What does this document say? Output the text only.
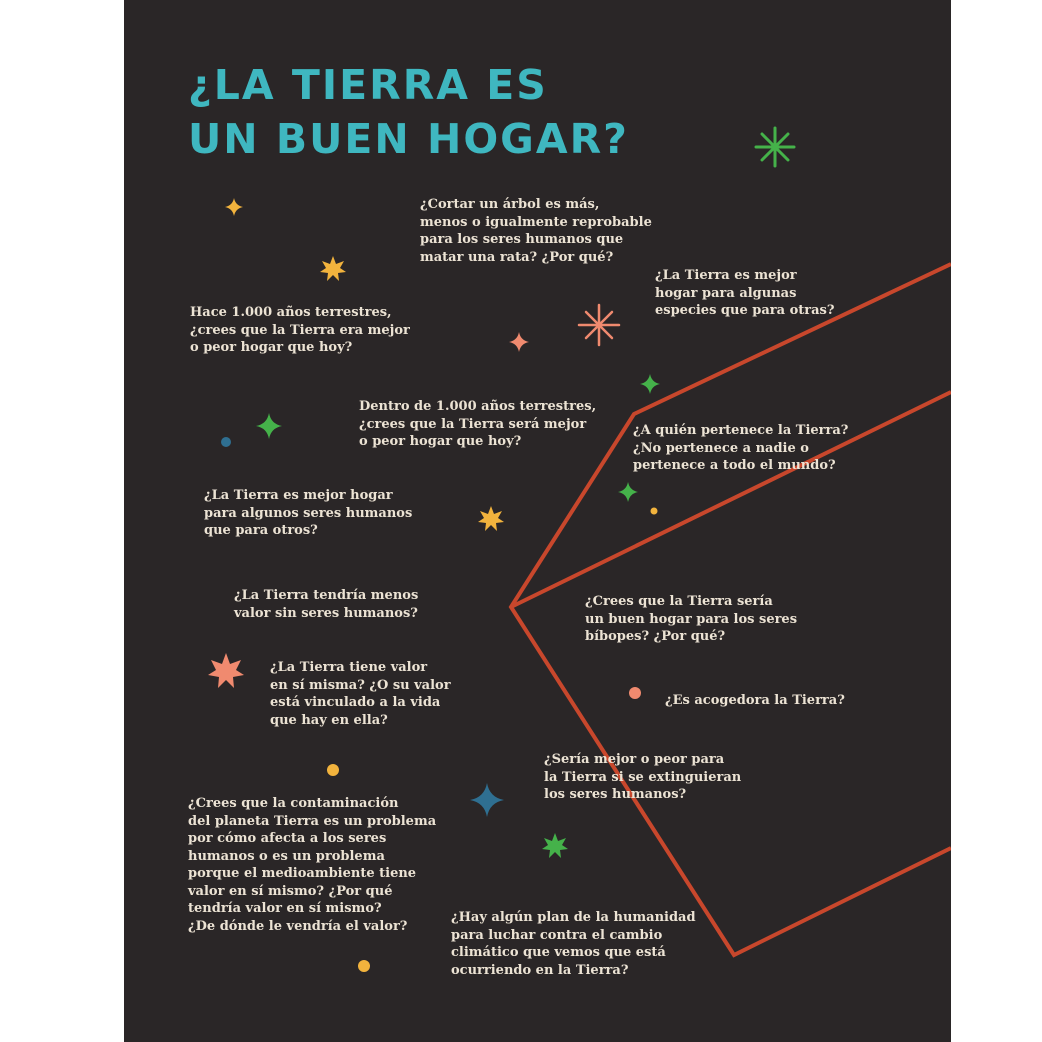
¿LA TIERRA ES
UN BUEN HOGAR?

¿Cortar un árbol es más,
menos o igualmente reprobable
para los seres humanos que
matar una rata? ¿Por qué?

¿La Tierra es mejor
hogar para algunas
especies que para otras?

Hace 1.000 años terrestres,
¿crees que la Tierra era mejor
o peor hogar que hoy?

Dentro de 1.000 años terrestres,
¿crees que la Tierra será mejor
o peor hogar que hoy?

¿A quién pertenece la Tierra?
¿No pertenece a nadie o
pertenece a todo el mundo?

¿La Tierra es mejor hogar
para algunos seres humanos
que para otros?

¿La Tierra tendría menos
valor sin seres humanos?

¿Crees que la Tierra sería
un buen hogar para los seres
bíbopes? ¿Por qué?

¿La Tierra tiene valor
en sí misma? ¿O su valor
está vinculado a la vida
que hay en ella?

¿Es acogedora la Tierra?

¿Sería mejor o peor para
la Tierra si se extinguieran
los seres humanos?

¿Crees que la contaminación
del planeta Tierra es un problema
por cómo afecta a los seres
humanos o es un problema
porque el medioambiente tiene
valor en sí mismo? ¿Por qué
tendría valor en sí mismo?
¿De dónde le vendría el valor?

¿Hay algún plan de la humanidad
para luchar contra el cambio
climático que vemos que está
ocurriendo en la Tierra?
